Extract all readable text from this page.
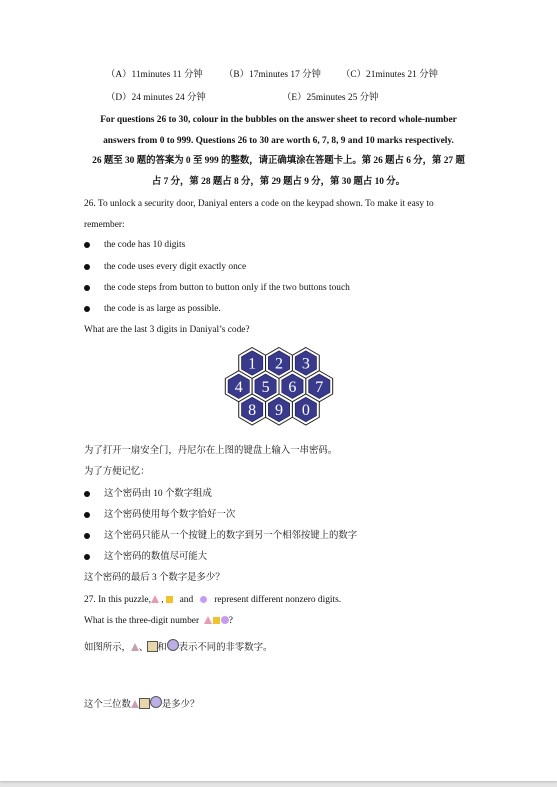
（A）11minutes 11 分钟 （B）17minutes 17 分钟 （C）21minutes 21 分钟
（D）24 minutes 24 分钟	（E）25minutes 25 分钟
For questions 26 to 30, colour in the bubbles on the answer sheet to record whole-number
answers from 0 to 999. Questions 26 to 30 are worth 6, 7, 8, 9 and 10 marks respectively.
26 题至 30 题的答案为 0 至 999 的整数，请正确填涂在答题卡上。第 26 题占 6 分，第 27 题
占 7 分，第 28 题占 8 分，第 29 题占 9 分，第 30 题占 10 分。
26. To unlock a security door, Daniyal enters a code on the keypad shown. To make it easy to
remember:
the code has 10 digits
the code uses every digit exactly once
the code steps from button to button only if the two buttons touch
the code is as large as possible.
What are the last 3 digits in Daniyal’s code?
1 2 3
4 5 6 7
8 9 0
为了打开一扇安全门，丹尼尔在上图的键盘上输入一串密码。
为了方便记忆：
这个密码由 10 个数字组成
这个密码使用每个数字恰好一次
这个密码只能从一个按键上的数字到另一个相邻按键上的数字
这个密码的数值尽可能大
这个密码的最后 3 个数字是多少？
27. In this puzzle, , and represent different nonzero digits.
What is the three-digit number	?
如图所示， 、 和 表示不同的非零数字。
这个三位数	是多少？
